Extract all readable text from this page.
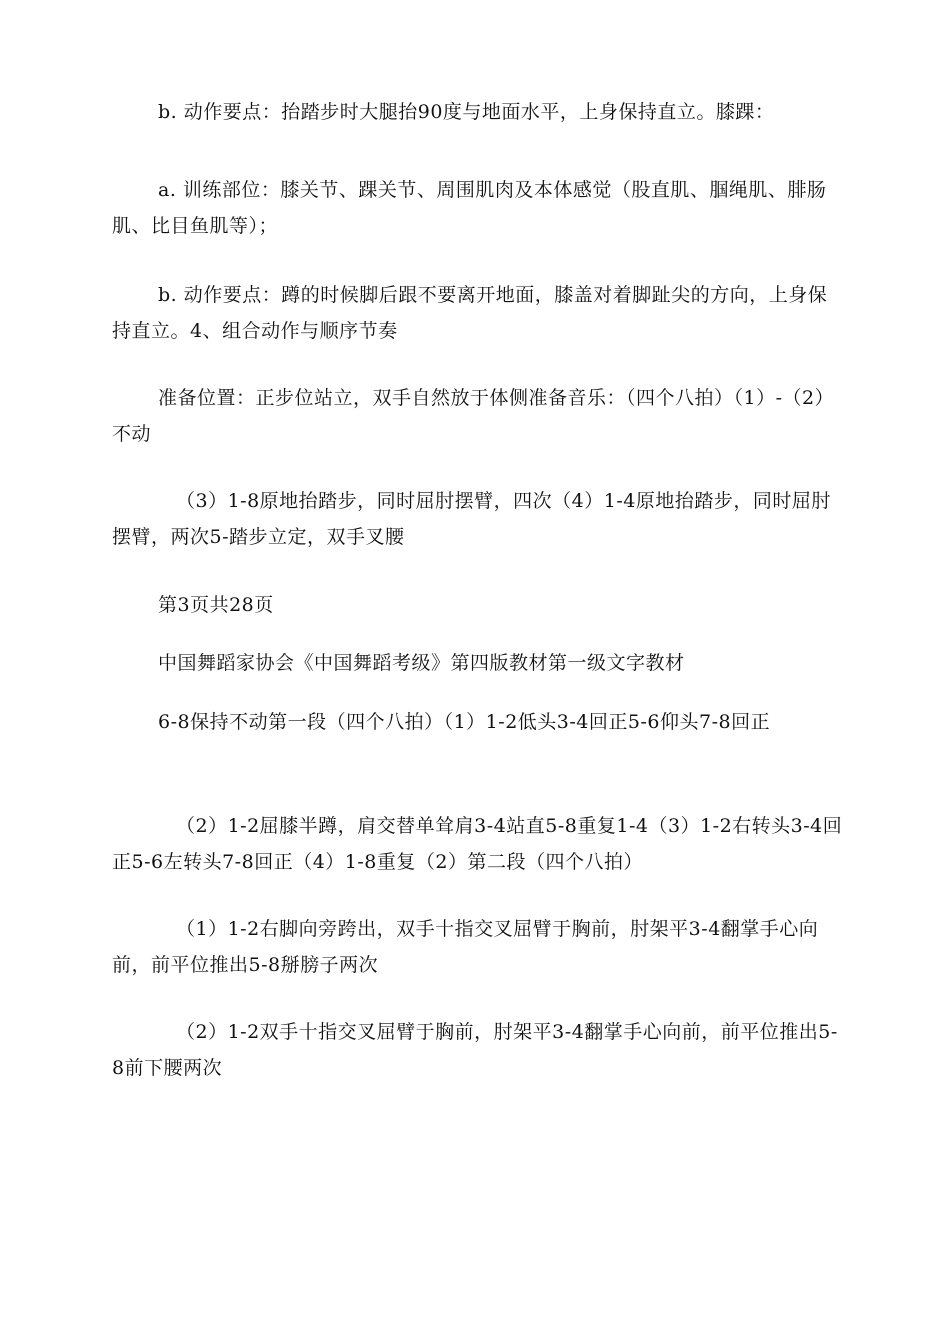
b. 动作要点：抬踏步时大腿抬90度与地面水平，上身保持直立。膝踝：

a. 训练部位：膝关节、踝关节、周围肌肉及本体感觉（股直肌、腘绳肌、腓肠肌、比目鱼肌等）；

b. 动作要点：蹲的时候脚后跟不要离开地面，膝盖对着脚趾尖的方向，上身保持直立。4、组合动作与顺序节奏

准备位置：正步位站立，双手自然放于体侧准备音乐：（四个八拍）（1）-（2）不动

（3）1-8原地抬踏步，同时屈肘摆臂，四次（4）1-4原地抬踏步，同时屈肘摆臂，两次5-踏步立定，双手叉腰

第3页共28页

中国舞蹈家协会《中国舞蹈考级》第四版教材第一级文字教材

6-8保持不动第一段（四个八拍）（1）1-2低头3-4回正5-6仰头7-8回正

（2）1-2屈膝半蹲，肩交替单耸肩3-4站直5-8重复1-4（3）1-2右转头3-4回正5-6左转头7-8回正（4）1-8重复（2）第二段（四个八拍）

（1）1-2右脚向旁跨出，双手十指交叉屈臂于胸前，肘架平3-4翻掌手心向前，前平位推出5-8掰膀子两次

（2）1-2双手十指交叉屈臂于胸前，肘架平3-4翻掌手心向前，前平位推出5-8前下腰两次
